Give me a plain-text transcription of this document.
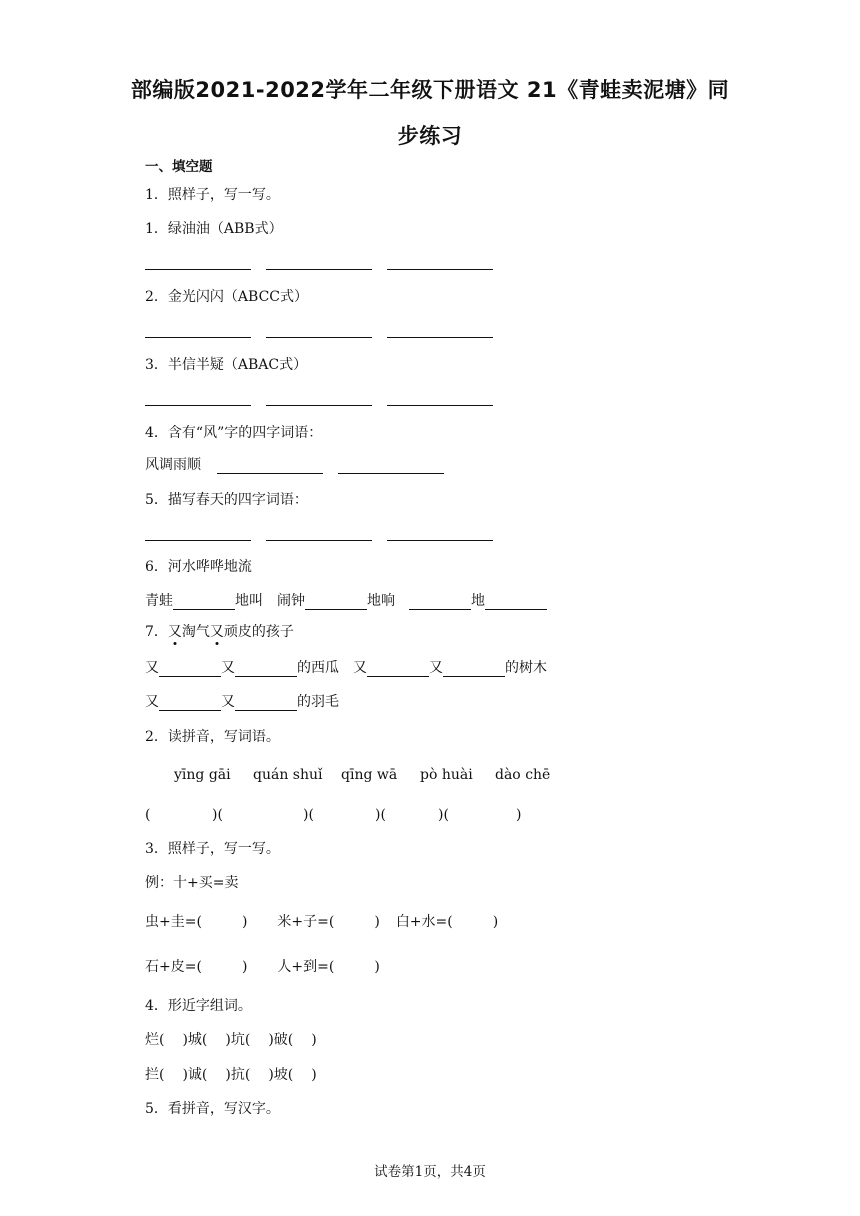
部编版2021-2022学年二年级下册语文 21《青蛙卖泥塘》同
步练习
一、填空题
1．照样子，写一写。
1．绿油油（ABB式）
2．金光闪闪（ABCC式）
3．半信半疑（ABAC式）
4．含有“风”字的四字词语：
风调雨顺
5．描写春天的四字词语：
6．河水哗哗地流
青蛙	地叫 闹钟	地响	地
7．又淘气又顽皮的孩子
又	又	的西瓜 又	又	的树木
又	又	的羽毛
2．读拼音，写词语。
yīng gāi quán shuǐ qīng wā pò huài dào chē
(	)(	)(	)(	)(	)
3．照样子，写一写。
例：十+买=卖
虫+圭=(	) 米+子=(	) 白+水=(	)
石+皮=(	) 人+到=(	)
4．形近字组词。
烂( )城( )坑( )破( )
拦( )诚( )抗( )坡( )
5．看拼音，写汉字。
试卷第1页，共4页
